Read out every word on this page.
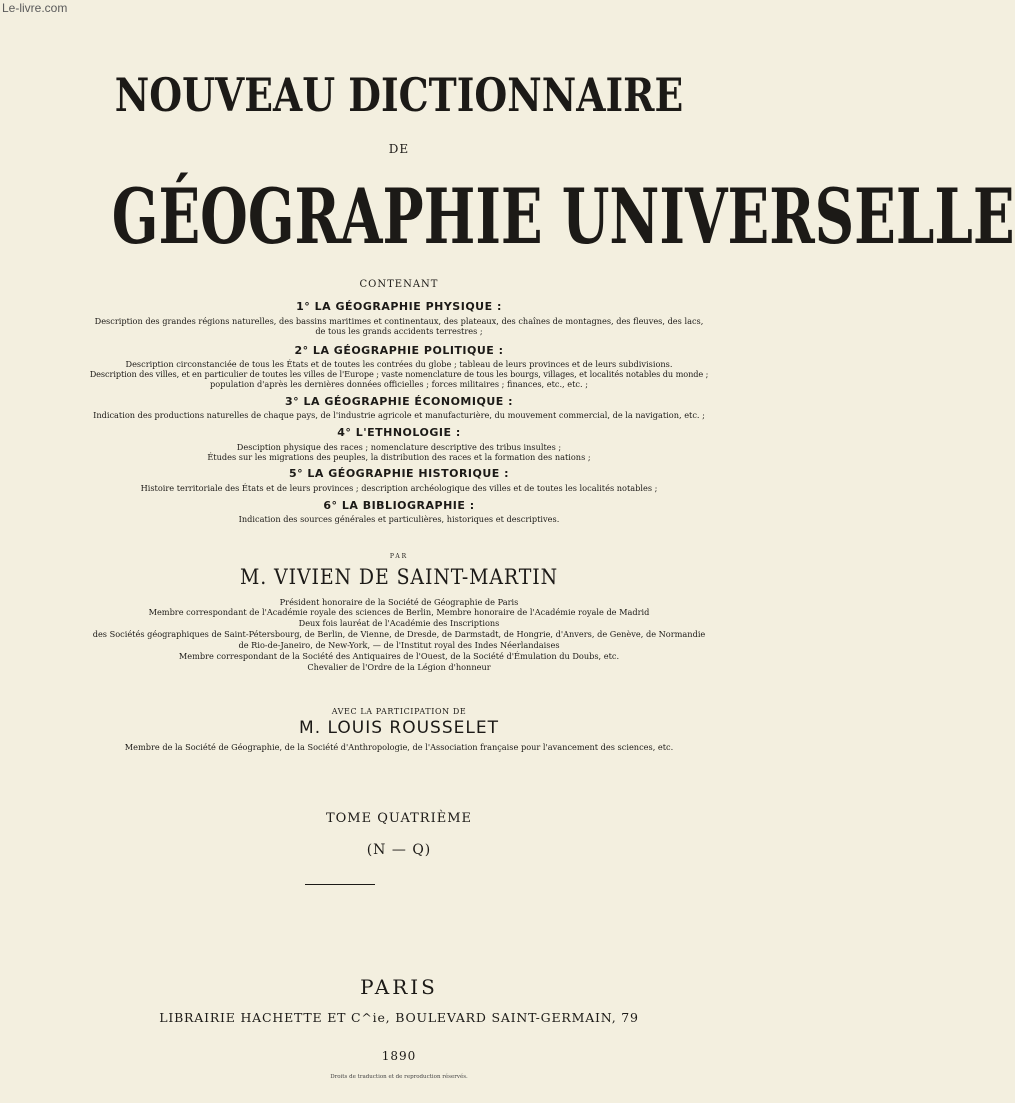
Le-livre.com
NOUVEAU DICTIONNAIRE
DE
GÉOGRAPHIE UNIVERSELLE
CONTENANT
1° LA GÉOGRAPHIE PHYSIQUE :
Description des grandes régions naturelles, des bassins maritimes et continentaux, des plateaux, des chaînes de montagnes, des fleuves, des lacs,
de tous les grands accidents terrestres ;
2° LA GÉOGRAPHIE POLITIQUE :
Description circonstanciée de tous les États et de toutes les contrées du globe ; tableau de leurs provinces et de leurs subdivisions.
Description des villes, et en particulier de toutes les villes de l'Europe ; vaste nomenclature de tous les bourgs, villages, et localités notables du monde ;
population d'après les dernières données officielles ; forces militaires ; finances, etc., etc. ;
3° LA GÉOGRAPHIE ÉCONOMIQUE :
Indication des productions naturelles de chaque pays, de l'industrie agricole et manufacturière, du mouvement commercial, de la navigation, etc. ;
4° L'ETHNOLOGIE :
Desciption physique des races ; nomenclature descriptive des tribus insultes ;
Études sur les migrations des peuples, la distribution des races et la formation des nations ;
5° LA GÉOGRAPHIE HISTORIQUE :
Histoire territoriale des États et de leurs provinces ; description archéologique des villes et de toutes les localités notables ;
6° LA BIBLIOGRAPHIE :
Indication des sources générales et particulières, historiques et descriptives.
PAR
M. VIVIEN DE SAINT-MARTIN
Président honoraire de la Société de Géographie de Paris
Membre correspondant de l'Académie royale des sciences de Berlin, Membre honoraire de l'Académie royale de Madrid
Deux fois lauréat de l'Académie des Inscriptions
des Sociétés géographiques de Saint-Pétersbourg, de Berlin, de Vienne, de Dresde, de Darmstadt, de Hongrie, d'Anvers, de Genève, de Normandie
de Rio-de-Janeiro, de New-York, — de l'Institut royal des Indes Néerlandaises
Membre correspondant de la Société des Antiquaires de l'Ouest, de la Société d'Émulation du Doubs, etc.
Chevalier de l'Ordre de la Légion d'honneur
AVEC LA PARTICIPATION DE
M. LOUIS ROUSSELET
Membre de la Société de Géographie, de la Société d'Anthropologie, de l'Association française pour l'avancement des sciences, etc.
TOME QUATRIÈME
(N — Q)
PARIS
LIBRAIRIE HACHETTE ET C^ie, BOULEVARD SAINT-GERMAIN, 79
1890
Droits de traduction et de reproduction réservés.
